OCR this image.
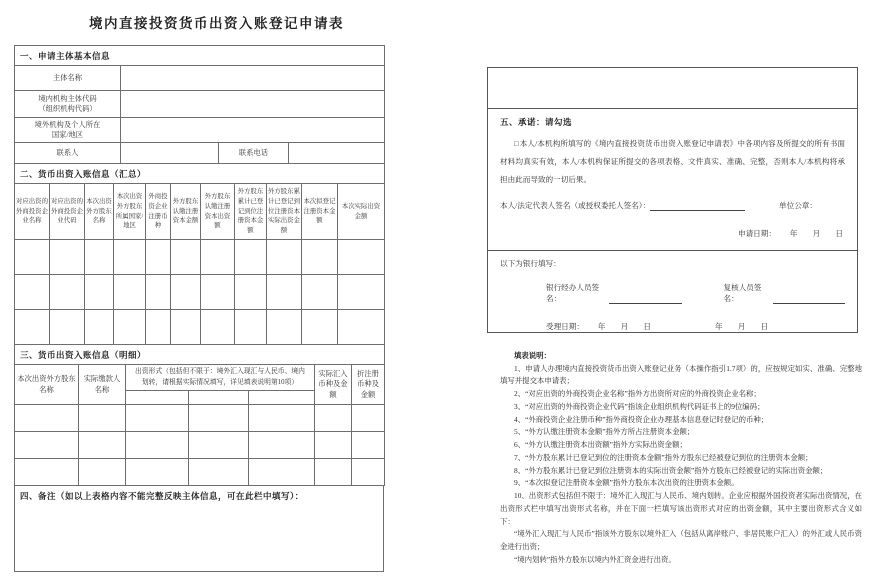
境内直接投资货币出资入账登记申请表
一、申请主体基本信息			
主体名称			

境内机构主体代码
（组织机构代码）			

境外机构及个人所在
国家/地区			

联系人		联系电话	
二、货币出资入账信息（汇总）										
对应出资的外商投资企业名称	对应出资的外商投资企业代码	本次出资外方股东名称	本次出资外方股东所属国家/地区	外商投资企业注册币种	外方股东认缴注册资本金额	外方股东认缴注册资本出资额	外方股东累计已登记到位注册资本金额	外方股东累计已登记到位注册资本实际出资金额	本次拟登记注册资本金额	本次实际出资金额

三、货币出资入账信息（明细）						
本次出资外方股东名称	实际缴款人名称	出资形式（包括但不限于：境外汇入现汇与人民币、境内划转，请根据实际情况填写，详见填表说明第10项）			实际汇入币种及金额	折注册币种及金额

四、备注（如以上表格内容不能完整反映主体信息，可在此栏中填写）：
五、承诺：请勾选

□本人/本机构所填写的《境内直接投资货币出资入账登记申请表》中各项内容及所提交的所有书面材料均真实有效，本人/本机构保证所提交的各项表格、文件真实、准确、完整，否则本人/本机构将承担由此而导致的一切后果。

本人/法定代表人签名（或授权委托人签名）：	单位公章：
申请日期： 年　　月　　日
以下为银行填写：
银行经办人员签名：
复核人员签名：
受理日期： 年　　月　　日	年　　月　　日
填表说明：

1、申请人办理境内直接投资货币出资入账登记业务（本操作指引1.7项）的，应按规定如实、准确、完整地填写并提交本申请表；

2、“对应出资的外商投资企业名称”指外方出资所对应的外商投资企业名称；

3、“对应出资的外商投资企业代码”指该企业组织机构代码证书上的9位编码；

4、“外商投资企业注册币种”指外商投资企业办理基本信息登记时登记的币种；

5、“外方认缴注册资本金额”指外方所占注册资本金额；

6、“外方认缴注册资本出资额”指外方实际出资金额；

7、“外方股东累计已登记到位的注册资本金额”指外方股东已经被登记到位的注册资本金额；

8、“外方股东累计已登记到位注册资本的实际出资金额”指外方股东已经被登记的实际出资金额；

9、“本次拟登记注册资本金额”指外方股东本次出资的注册资本金额。

10、出资形式包括但不限于：境外汇入现汇与人民币、境内划转。企业应根据外国投资者实际出资情况，在出资形式栏中填写出资形式名称，并在下面一栏填写该出资形式对应的出资金额，其中主要出资形式含义如下：

“境外汇入现汇与人民币”指该外方股东以境外汇入（包括从离岸账户、非居民账户汇入）的外汇或人民币资金进行出资；

“境内划转”指外方股东以境内外汇资金进行出资。
